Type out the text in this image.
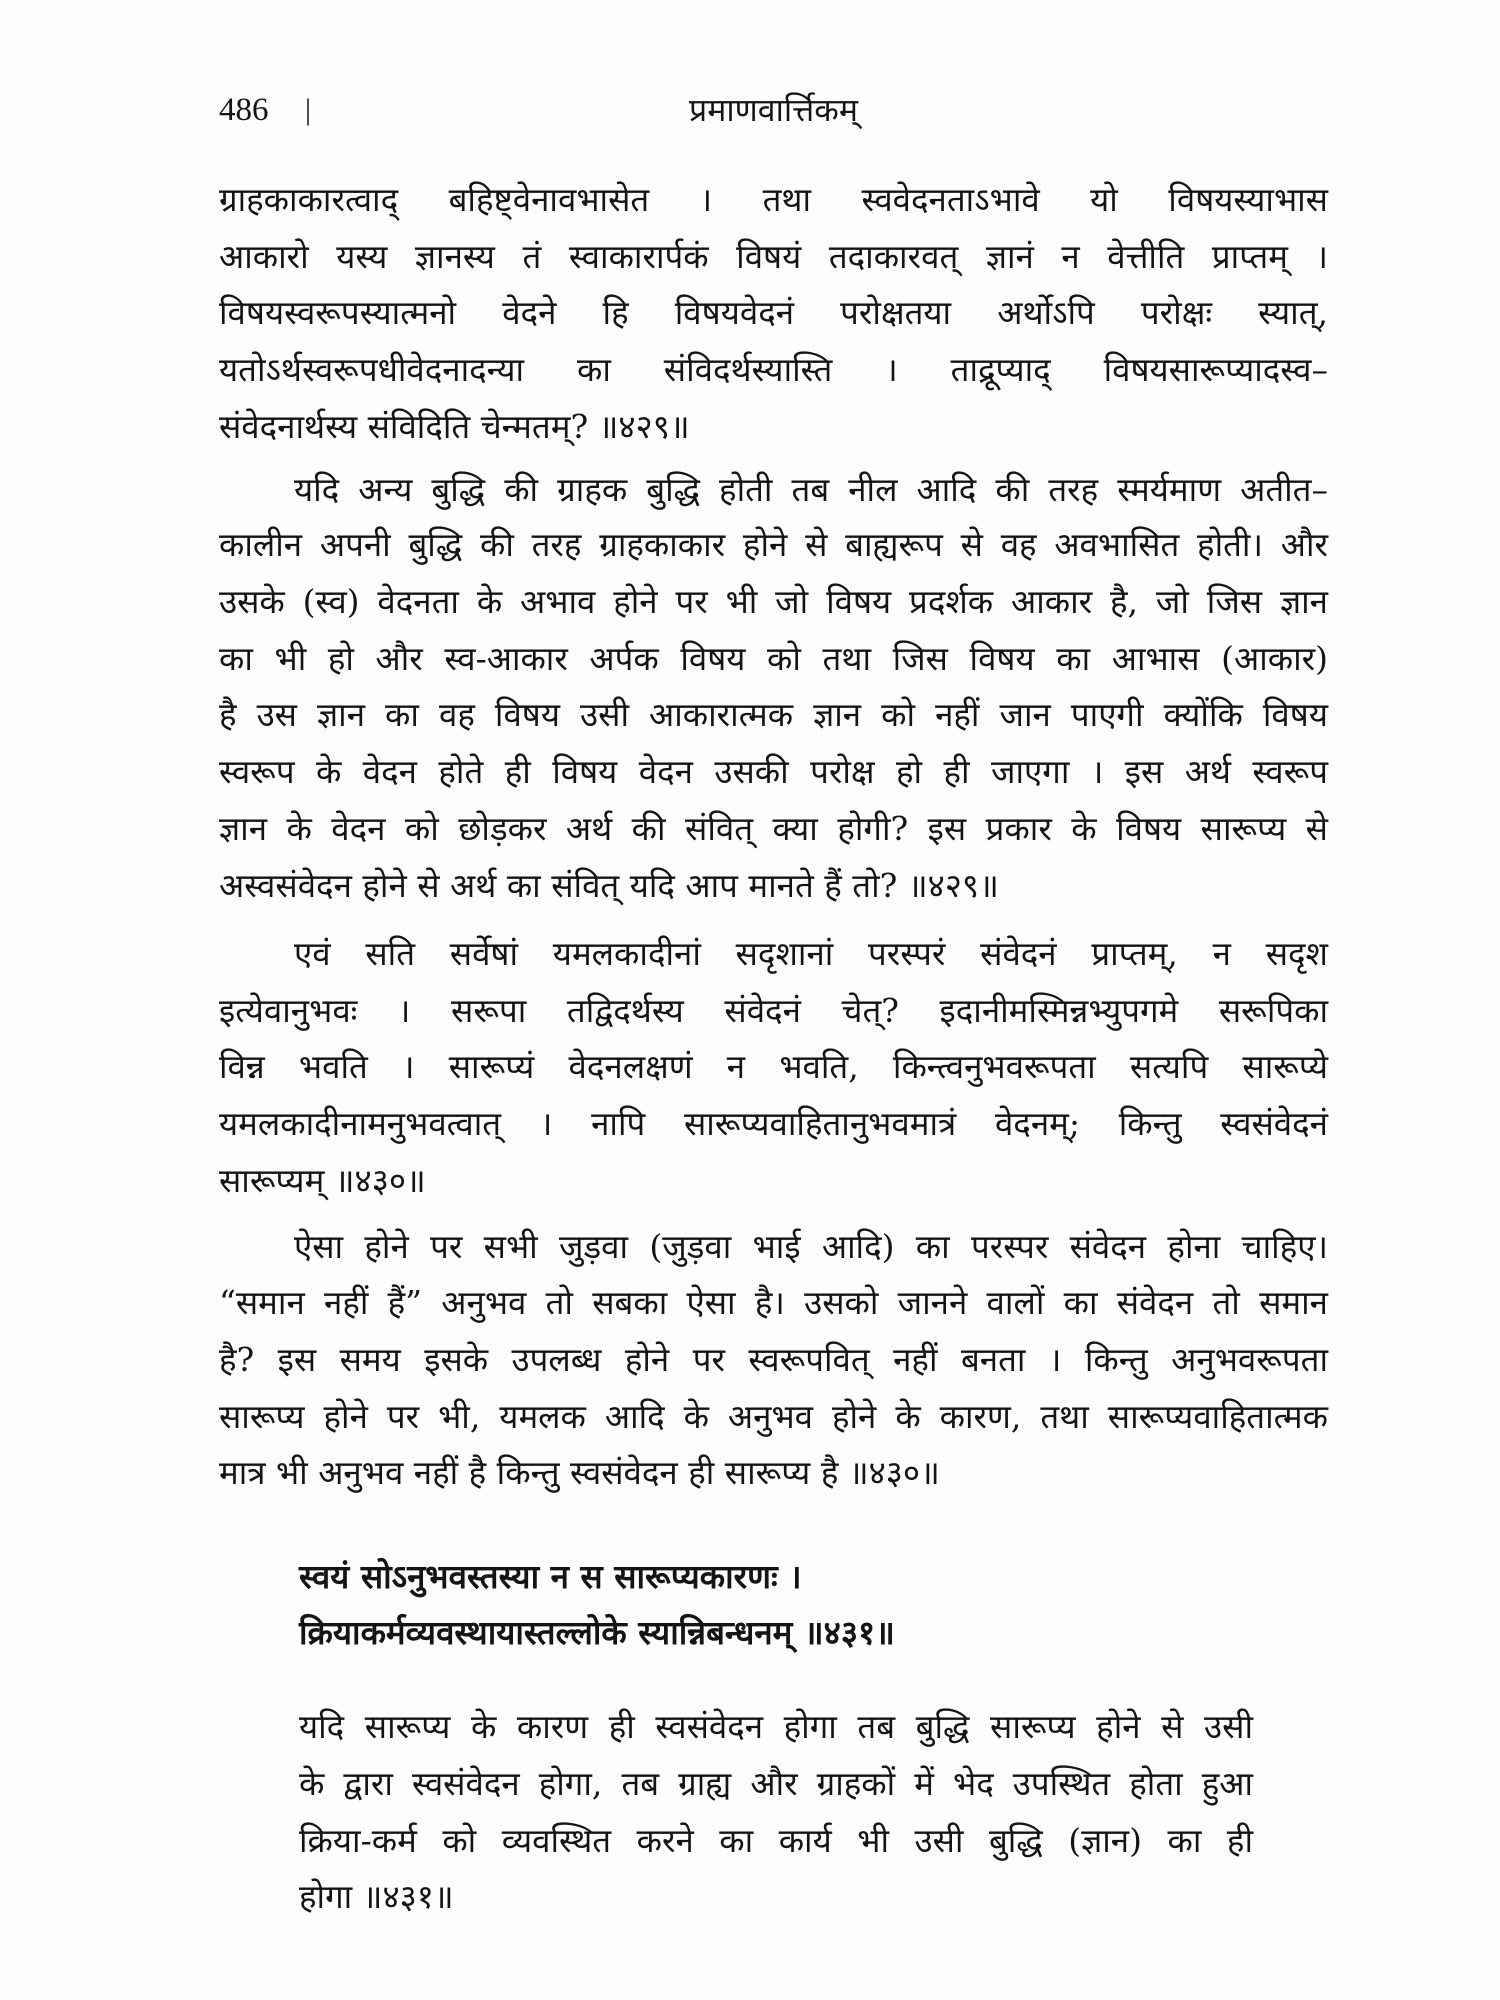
486 |	प्रमाणवार्त्तिकम्
ग्राहकाकारत्वाद् बहिष्ट्वेनावभासेत । तथा स्ववेदनताऽभावे यो विषयस्याभास
आकारो यस्य ज्ञानस्य तं स्वाकारार्पकं विषयं तदाकारवत् ज्ञानं न वेत्तीति प्राप्तम् ।
विषयस्वरूपस्यात्मनो वेदने हि विषयवेदनं परोक्षतया अर्थोऽपि परोक्षः स्यात्,
यतोऽर्थस्वरूपधीवेदनादन्या का संविदर्थस्यास्ति । ताद्रूप्याद् विषयसारूप्यादस्व–
संवेदनार्थस्य संविदिति चेन्मतम्? ॥४२९॥
यदि अन्य बुद्धि की ग्राहक बुद्धि होती तब नील आदि की तरह स्मर्यमाण अतीत–
कालीन अपनी बुद्धि की तरह ग्राहकाकार होने से बाह्यरूप से वह अवभासित होती। और
उसके (स्व) वेदनता के अभाव होने पर भी जो विषय प्रदर्शक आकार है, जो जिस ज्ञान
का भी हो और स्व-आकार अर्पक विषय को तथा जिस विषय का आभास (आकार)
है उस ज्ञान का वह विषय उसी आकारात्मक ज्ञान को नहीं जान पाएगी क्योंकि विषय
स्वरूप के वेदन होते ही विषय वेदन उसकी परोक्ष हो ही जाएगा । इस अर्थ स्वरूप
ज्ञान के वेदन को छोड़कर अर्थ की संवित् क्या होगी? इस प्रकार के विषय सारूप्य से
अस्वसंवेदन होने से अर्थ का संवित् यदि आप मानते हैं तो? ॥४२९॥
एवं सति सर्वेषां यमलकादीनां सदृशानां परस्परं संवेदनं प्राप्तम्, न सदृश
इत्येवानुभवः । सरूपा तद्विदर्थस्य संवेदनं चेत्? इदानीमस्मिन्नभ्युपगमे सरूपिका
विन्न भवति । सारूप्यं वेदनलक्षणं न भवति, किन्त्वनुभवरूपता सत्यपि सारूप्ये
यमलकादीनामनुभवत्वात् । नापि सारूप्यवाहितानुभवमात्रं वेदनम्; किन्तु स्वसंवेदनं
सारूप्यम् ॥४३०॥
ऐसा होने पर सभी जुड़वा (जुड़वा भाई आदि) का परस्पर संवेदन होना चाहिए।
“समान नहीं हैं” अनुभव तो सबका ऐसा है। उसको जानने वालों का संवेदन तो समान
है? इस समय इसके उपलब्ध होने पर स्वरूपवित् नहीं बनता । किन्तु अनुभवरूपता
सारूप्य होने पर भी, यमलक आदि के अनुभव होने के कारण, तथा सारूप्यवाहितात्मक
मात्र भी अनुभव नहीं है किन्तु स्वसंवेदन ही सारूप्य है ॥४३०॥
स्वयं सोऽनुभवस्तस्या न स सारूप्यकारणः ।
क्रियाकर्मव्यवस्थायास्तल्लोके स्यान्निबन्धनम् ॥४३१॥
यदि सारूप्य के कारण ही स्वसंवेदन होगा तब बुद्धि सारूप्य होने से उसी
के द्वारा स्वसंवेदन होगा, तब ग्राह्य और ग्राहकों में भेद उपस्थित होता हुआ
क्रिया-कर्म को व्यवस्थित करने का कार्य भी उसी बुद्धि (ज्ञान) का ही
होगा ॥४३१॥
